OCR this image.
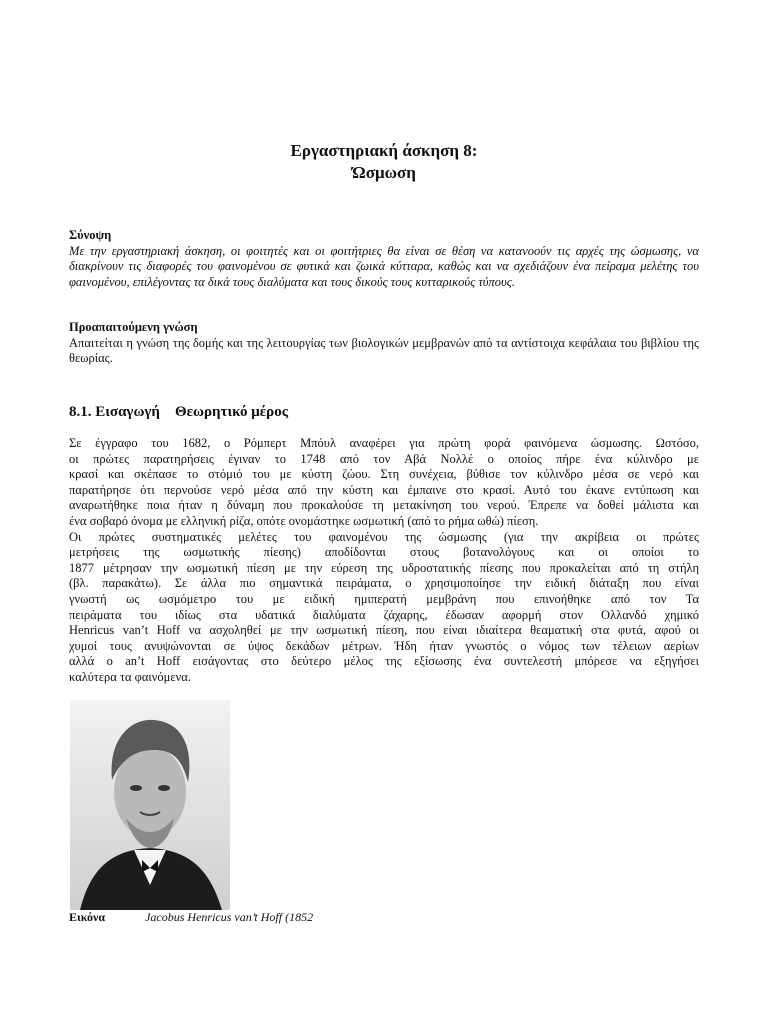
Εργαστηριακή άσκηση 8:
Ώσμωση
Σύνοψη
Με την εργαστηριακή άσκηση, οι φοιτητές και οι φοιτήτριες θα είναι σε θέση να κατανοούν τις αρχές της ώσμωσης, να διακρίνουν τις διαφορές του φαινομένου σε φυτικά και ζωικά κύτταρα, καθώς και να σχεδιάζουν ένα πείραμα μελέτης του φαινομένου, επιλέγοντας τα δικά τους διαλύματα και τους δικούς τους κυτταρικούς τύπους.
Προαπαιτούμενη γνώση
Απαιτείται η γνώση της δομής και της λειτουργίας των βιολογικών μεμβρανών από τα αντίστοιχα κεφάλαια του βιβλίου της θεωρίας.
8.1. Εισαγωγή    Θεωρητικό μέρος
Σε έγγραφο του 1682, ο Ρόμπερτ Μπόυλ αναφέρει για πρώτη φορά φαινόμενα ώσμωσης. Ωστόσο,
οι πρώτες παρατηρήσεις έγιναν το 1748 από τον Αβά Νολλέ ο οποίος πήρε ένα κύλινδρο με
κρασί και σκέπασε το στόμιό του με κύστη ζώου. Στη συνέχεια, βύθισε τον κύλινδρο μέσα σε νερό και
παρατήρησε ότι περνούσε νερό μέσα από την κύστη και έμπαινε στο κρασί. Αυτό του έκανε εντύπωση και
αναρωτήθηκε ποια ήταν η δύναμη που προκαλούσε τη μετακίνηση του νερού. Έπρεπε να δοθεί μάλιστα και
ένα σοβαρό όνομα με ελληνική ρίζα, οπότε ονομάστηκε ωσμωτική (από το ρήμα ωθώ) πίεση.
Οι πρώτες συστηματικές μελέτες του φαινομένου της ώσμωσης (για την ακρίβεια οι πρώτες
μετρήσεις της ωσμωτικής πίεσης) αποδίδονται στους βοτανολόγους και οι οποίοι το
1877 μέτρησαν την ωσμωτική πίεση με την εύρεση της υδροστατικής πίεσης που προκαλείται από τη στήλη
(βλ. παρακάτω). Σε άλλα πιο σημαντικά πειράματα, ο χρησιμοποίησε την ειδική διάταξη που είναι
γνωστή ως ωσμόμετρο του με ειδική ημιπερατή μεμβράνη που επινοήθηκε από τον Τα
πειράματα του ιδίως στα υδατικά διαλύματα ζάχαρης, έδωσαν αφορμή στον Ολλανδό χημικό
Henricus van’t Hoff να ασχοληθεί με την ωσμωτική πίεση, που είναι ιδιαίτερα θεαματική στα φυτά, αφού οι
χυμοί τους ανυψώνονται σε ύψος δεκάδων μέτρων. Ήδη ήταν γνωστός ο νόμος των τέλειων αερίων
αλλά ο an’t Hoff εισάγοντας στο δεύτερο μέλος της εξίσωσης ένα συντελεστή μπόρεσε να εξηγήσει
καλύτερα τα φαινόμενα.
Εικόνα	Jacobus Henricus van’t Hoff (1852
